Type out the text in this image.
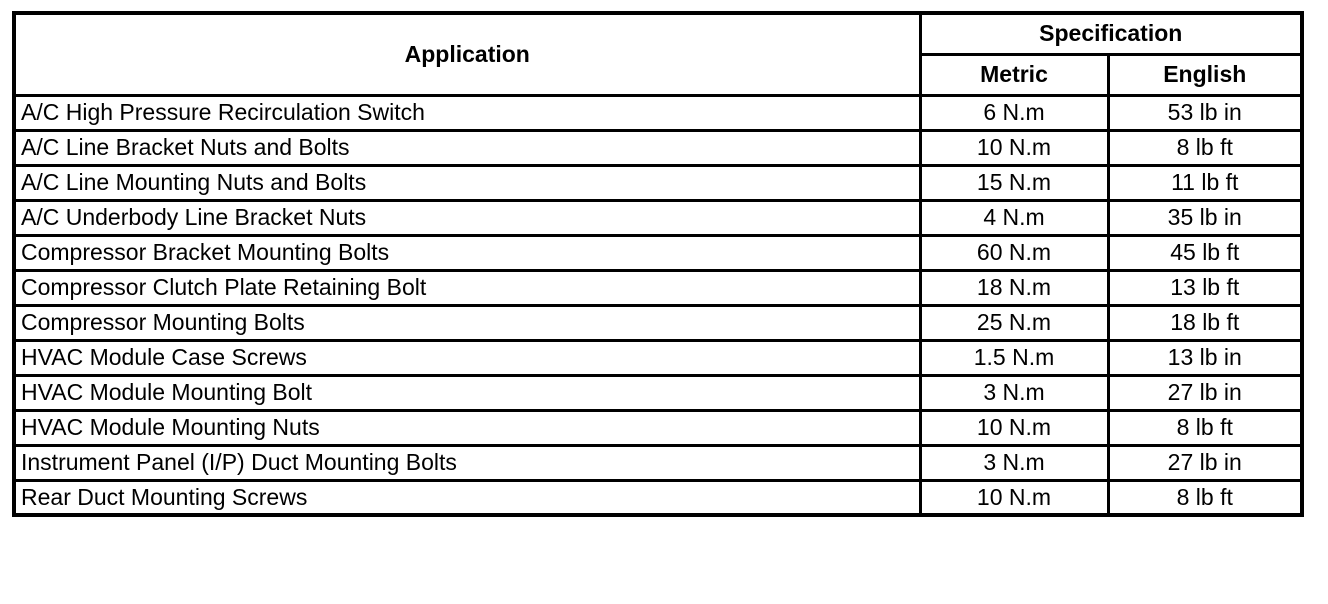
Application	Specification	
	Metric	English
A/C High Pressure Recirculation Switch	6 N.m	53 lb in
A/C Line Bracket Nuts and Bolts	10 N.m	8 lb ft
A/C Line Mounting Nuts and Bolts	15 N.m	11 lb ft
A/C Underbody Line Bracket Nuts	4 N.m	35 lb in
Compressor Bracket Mounting Bolts	60 N.m	45 lb ft
Compressor Clutch Plate Retaining Bolt	18 N.m	13 lb ft
Compressor Mounting Bolts	25 N.m	18 lb ft
HVAC Module Case Screws	1.5 N.m	13 lb in
HVAC Module Mounting Bolt	3 N.m	27 lb in
HVAC Module Mounting Nuts	10 N.m	8 lb ft
Instrument Panel (I/P) Duct Mounting Bolts	3 N.m	27 lb in
Rear Duct Mounting Screws	10 N.m	8 lb ft
